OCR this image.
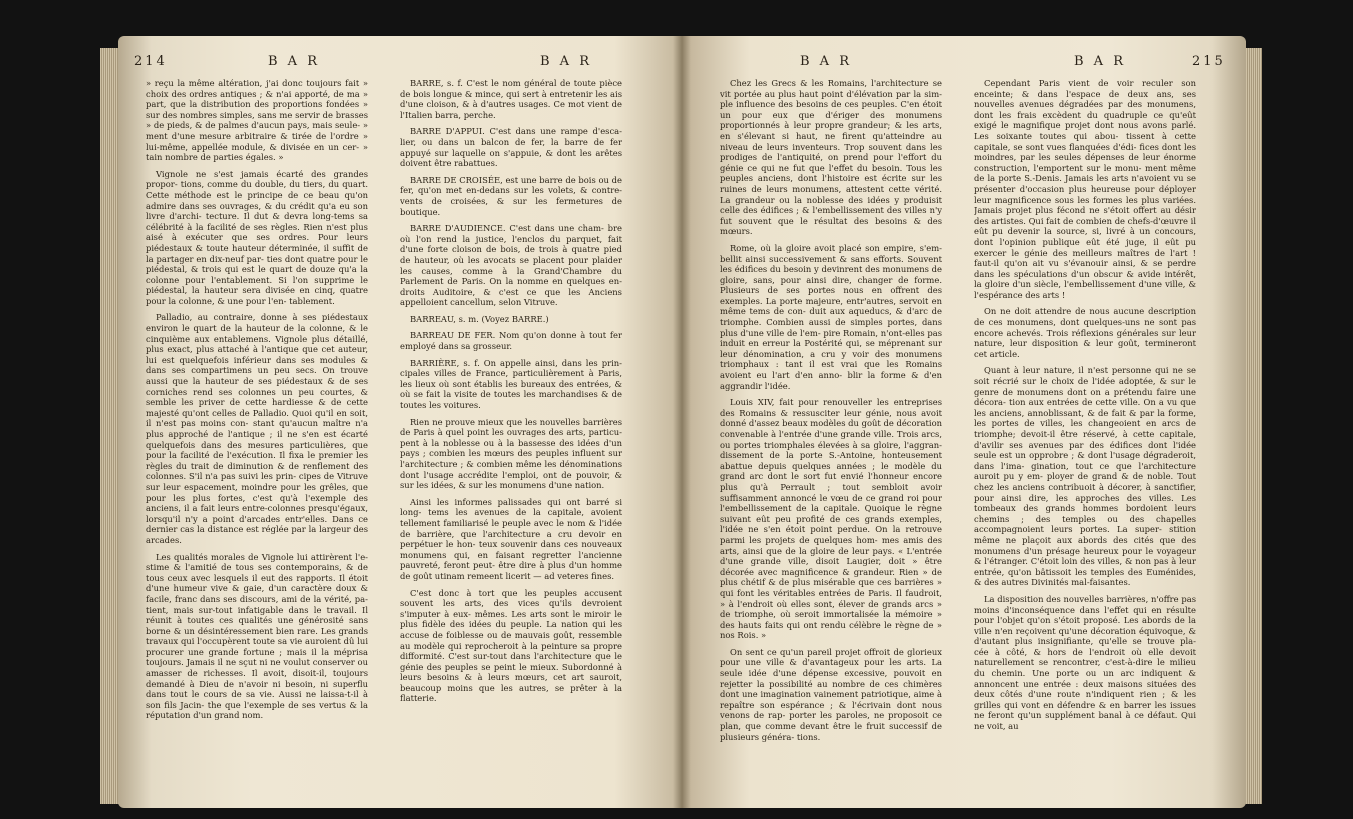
214	B A R	B A R

» reçu la même altération, j'ai donc toujours fait » choix des ordres antiques ; & n'ai apporté, de ma » part, que la distribution des proportions fondées » sur des nombres simples, sans me servir de brasses » de pieds, & de palmes d'aucun pays, mais seule- » ment d'une mesure arbitraire & tirée de l'ordre » lui-même, appellée module, & divisée en un cer- » tain nombre de parties égales. »

Vignole ne s'est jamais écarté des grandes propor- tions, comme du double, du tiers, du quart. Cette méthode est le principe de ce beau qu'on admire dans ses ouvrages, & du crédit qu'a eu son livre d'archi- tecture. Il dut & devra long-tems sa célébrité à la facilité de ses règles. Rien n'est plus aisé à exécuter que ses ordres. Pour leurs piédestaux & toute hauteur déterminée, il suffit de la partager en dix-neuf par- ties dont quatre pour le piédestal, & trois qui est le quart de douze qu'a la colonne pour l'entablement. Si l'on supprime le piédestal, la hauteur sera divisée en cinq, quatre pour la colonne, & une pour l'en- tablement.

Palladio, au contraire, donne à ses piédestaux environ le quart de la hauteur de la colonne, & le cinquième aux entablemens. Vignole plus détaillé, plus exact, plus attaché à l'antique que cet auteur, lui est quelquefois inférieur dans ses modules & dans ses compartimens un peu secs. On trouve aussi que la hauteur de ses piédestaux & de ses corniches rend ses colonnes un peu courtes, & semble les priver de cette hardiesse & de cette majesté qu'ont celles de Palladio. Quoi qu'il en soit, il n'est pas moins con- stant qu'aucun maître n'a plus approché de l'antique ; il ne s'en est écarté quelquefois dans des mesures particulières, que pour la facilité de l'exécution. Il fixa le premier les règles du trait de diminution & de renflement des colonnes. S'il n'a pas suivi les prin- cipes de Vitruve sur leur espacement, moindre pour les grêles, que pour les plus fortes, c'est qu'à l'exemple des anciens, il a fait leurs entre-colonnes presqu'égaux, lorsqu'il n'y a point d'arcades entr'elles. Dans ce dernier cas la distance est réglée par la largeur des arcades.

Les qualités morales de Vignole lui attirèrent l'e- stime & l'amitié de tous ses contemporains, & de tous ceux avec lesquels il eut des rapports. Il étoit d'une humeur vive & gaie, d'un caractère doux & facile, franc dans ses discours, ami de la vérité, pa- tient, mais sur-tout infatigable dans le travail. Il réunit à toutes ces qualités une générosité sans borne & un désintéressement bien rare. Les grands travaux qui l'occupèrent toute sa vie auroient dû lui procurer une grande fortune ; mais il la méprisa toujours. Jamais il ne sçut ni ne voulut conserver ou amasser de richesses. Il avoit, disoit-il, toujours demandé à Dieu de n'avoir ni besoin, ni superflu dans tout le cours de sa vie. Aussi ne laissa-t-il à son fils Jacin- the que l'exemple de ses vertus & la réputation d'un grand nom.

BARRE, s. f. C'est le nom général de toute pièce de bois longue & mince, qui sert à entretenir les ais d'une cloison, & à d'autres usages. Ce mot vient de l'Italien barra, perche.

BARRE D'APPUI. C'est dans une rampe d'esca- lier, ou dans un balcon de fer, la barre de fer appuyé sur laquelle on s'appuie, & dont les arêtes doivent être rabattues.

BARRE DE CROISÉE, est une barre de bois ou de fer, qu'on met en-dedans sur les volets, & contre-vents de croisées, & sur les fermetures de boutique.

BARRE D'AUDIENCE. C'est dans une cham- bre où l'on rend la justice, l'enclos du parquet, fait d'une forte cloison de bois, de trois à quatre pied de hauteur, où les avocats se placent pour plaider les causes, comme à la Grand'Chambre du Parlement de Paris. On la nomme en quelques en- droits Auditoire, & c'est ce que les Anciens appelloient cancellum, selon Vitruve.

BARREAU, s. m. (Voyez BARRE.)

BARREAU DE FER. Nom qu'on donne à tout fer employé dans sa grosseur.

BARRIÈRE, s. f. On appelle ainsi, dans les prin- cipales villes de France, particulièrement à Paris, les lieux où sont établis les bureaux des entrées, & où se fait la visite de toutes les marchandises & de toutes les voitures.

Rien ne prouve mieux que les nouvelles barrières de Paris à quel point les ouvrages des arts, particu- pent à la noblesse ou à la bassesse des idées d'un pays ; combien les mœurs des peuples influent sur l'architecture ; & combien même les dénominations dont l'usage accrédite l'emploi, ont de pouvoir, & sur les idées, & sur les monumens d'une nation.

Ainsi les informes palissades qui ont barré si long- tems les avenues de la capitale, avoient tellement familiarisé le peuple avec le nom & l'idée de barrière, que l'architecture a cru devoir en perpétuer le hon- teux souvenir dans ces nouveaux monumens qui, en faisant regretter l'ancienne pauvreté, feront peut- être dire à plus d'un homme de goût utinam remeent licerit — ad veteres fines.

C'est donc à tort que les peuples accusent souvent les arts, des vices qu'ils devroient s'imputer à eux- mêmes. Les arts sont le miroir le plus fidèle des idées du peuple. La nation qui les accuse de foiblesse ou de mauvais goût, ressemble au modèle qui reprocheroit à la peinture sa propre difformité. C'est sur-tout dans l'architecture que le génie des peuples se peint le mieux. Subordonné à leurs besoins & à leurs mœurs, cet art sauroit, beaucoup moins que les autres, se prêter à la flatterie.

B A R	B A R	215

Chez les Grecs & les Romains, l'architecture se vit portée au plus haut point d'élévation par la sim- ple influence des besoins de ces peuples. C'en étoit un pour eux que d'ériger des monumens proportionnés à leur propre grandeur; & les arts, en s'élevant si haut, ne firent qu'atteindre au niveau de leurs inventeurs. Trop souvent dans les prodiges de l'antiquité, on prend pour l'effort du génie ce qui ne fut que l'effet du besoin. Tous les peuples anciens, dont l'histoire est écrite sur les ruines de leurs monumens, attestent cette vérité. La grandeur ou la noblesse des idées y produisit celle des édifices ; & l'embellissement des villes n'y fut souvent que le résultat des besoins & des mœurs.

Rome, où la gloire avoit placé son empire, s'em- bellit ainsi successivement & sans efforts. Souvent les édifices du besoin y devinrent des monumens de gloire, sans, pour ainsi dire, changer de forme. Plusieurs de ses portes nous en offrent des exemples. La porte majeure, entr'autres, servoit en même tems de con- duit aux aqueducs, & d'arc de triomphe. Combien aussi de simples portes, dans plus d'une ville de l'em- pire Romain, n'ont-elles pas induit en erreur la Postérité qui, se méprenant sur leur dénomination, a cru y voir des monumens triomphaux : tant il est vrai que les Romains avoient eu l'art d'en anno- blir la forme & d'en aggrandir l'idée.

Louis XIV, fait pour renouveller les entreprises des Romains & ressusciter leur génie, nous avoit donné d'assez beaux modèles du goût de décoration convenable à l'entrée d'une grande ville. Trois arcs, ou portes triomphales élevées à sa gloire, l'aggran- dissement de la porte S.-Antoine, honteusement abattue depuis quelques années ; le modèle du grand arc dont le sort fut envié l'honneur encore plus qu'à Perrault ; tout sembloit avoir suffisamment annoncé le vœu de ce grand roi pour l'embellissement de la capitale. Quoique le règne suivant eût peu profité de ces grands exemples, l'idée ne s'en étoit point perdue. On la retrouve parmi les projets de quelques hom- mes amis des arts, ainsi que de la gloire de leur pays. « L'entrée d'une grande ville, disoit Laugier, doit » être décorée avec magnificence & grandeur. Rien » de plus chétif & de plus misérable que ces barrières » qui font les véritables entrées de Paris. Il faudroit, » à l'endroit où elles sont, élever de grands arcs » de triomphe, où seroit immortalisée la mémoire » des hauts faits qui ont rendu célèbre le règne de » nos Rois. »

On sent ce qu'un pareil projet offroit de glorieux pour une ville & d'avantageux pour les arts. La seule idée d'une dépense excessive, pouvoit en rejetter la possibilité au nombre de ces chimères dont une imagination vainement patriotique, aime à repaître son espérance ; & l'écrivain dont nous venons de rap- porter les paroles, ne proposoit ce plan, que comme devant être le fruit successif de plusieurs généra- tions.

Cependant Paris vient de voir reculer son enceinte; & dans l'espace de deux ans, ses nouvelles avenues dégradées par des monumens, dont les frais excèdent du quadruple ce qu'eût exigé le magnifique projet dont nous avons parlé. Les soixante toutes qui abou- tissent à cette capitale, se sont vues flanquées d'édi- fices dont les moindres, par les seules dépenses de leur énorme construction, l'emportent sur le monu- ment même de la porte S.-Denis. Jamais les arts n'avoient vu se présenter d'occasion plus heureuse pour déployer leur magnificence sous les formes les plus variées. Jamais projet plus fécond ne s'étoit offert au désir des artistes. Qui fait de combien de chefs-d'œuvre il eût pu devenir la source, si, livré à un concours, dont l'opinion publique eût été juge, il eût pu exercer le génie des meilleurs maîtres de l'art ! faut-il qu'on ait vu s'évanouir ainsi, & se perdre dans les spéculations d'un obscur & avide intérêt, la gloire d'un siècle, l'embellissement d'une ville, & l'espérance des arts !

On ne doit attendre de nous aucune description de ces monumens, dont quelques-uns ne sont pas encore achevés. Trois réflexions générales sur leur nature, leur disposition & leur goût, termineront cet article.

Quant à leur nature, il n'est personne qui ne se soit récrié sur le choix de l'idée adoptée, & sur le genre de monumens dont on a prétendu faire une décora- tion aux entrées de cette ville. On a vu que les anciens, annoblissant, & de fait & par la forme, les portes de villes, les changeoient en arcs de triomphe; devoit-il être réservé, à cette capitale, d'avilir ses avenues par des édifices dont l'idée seule est un opprobre ; & dont l'usage dégraderoit, dans l'ima- gination, tout ce que l'architecture auroit pu y em- ployer de grand & de noble. Tout chez les anciens contribuoit à décorer, à sanctifier, pour ainsi dire, les approches des villes. Les tombeaux des grands hommes bordoient leurs chemins ; des temples ou des chapelles accompagnoient leurs portes. La super- stition même ne plaçoit aux abords des cités que des monumens d'un présage heureux pour le voyageur & l'étranger. C'étoit loin des villes, & non pas à leur entrée, qu'on bâtissoit les temples des Euménides, & des autres Divinités mal-faisantes.

La disposition des nouvelles barrières, n'offre pas moins d'inconséquence dans l'effet qui en résulte pour l'objet qu'on s'étoit proposé. Les abords de la ville n'en reçoivent qu'une décoration équivoque, & d'autant plus insignifiante, qu'elle se trouve pla- cée à côté, & hors de l'endroit où elle devoit naturellement se rencontrer, c'est-à-dire le milieu du chemin. Une porte ou un arc indiquent & annoncent une entrée : deux maisons situées des deux côtés d'une route n'indiquent rien ; & les grilles qui vont en défendre & en barrer les issues ne feront qu'un supplément banal à ce défaut. Qui ne voit, au
